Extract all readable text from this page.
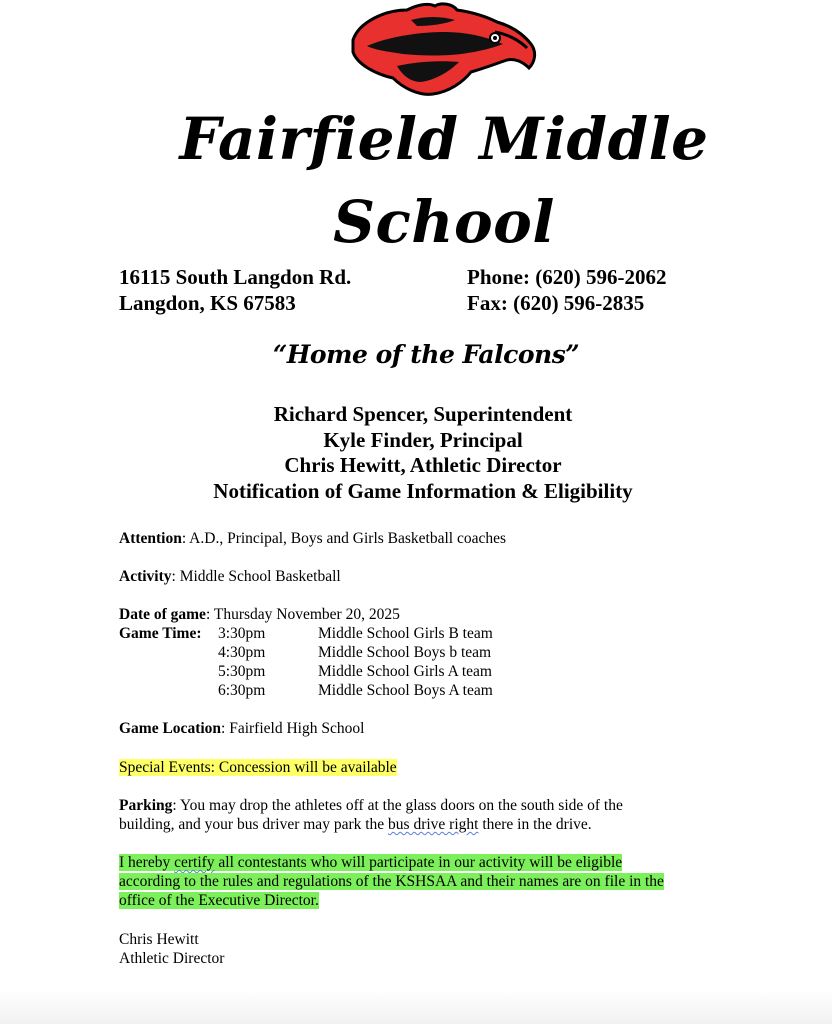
Fairfield Middle
School
16115 South Langdon Rd.
Langdon, KS 67583
Phone: (620) 596-2062
Fax: (620) 596-2835
“Home of the Falcons”
Richard Spencer, Superintendent
Kyle Finder, Principal
Chris Hewitt, Athletic Director
Notification of Game Information & Eligibility
Attention: A.D., Principal, Boys and Girls Basketball coaches
Activity: Middle School Basketball
Date of game: Thursday November 20, 2025
Game Time: 3:30pm	Middle School Girls B team
4:30pm	Middle School Boys b team
5:30pm	Middle School Girls A team
6:30pm	Middle School Boys A team
Game Location: Fairfield High School
Special Events: Concession will be available
Parking: You may drop the athletes off at the glass doors on the south side of the
building, and your bus driver may park the bus drive right there in the drive.
I hereby certify all contestants who will participate in our activity will be eligible
according to the rules and regulations of the KSHSAA and their names are on file in the
office of the Executive Director.
Chris Hewitt
Athletic Director
